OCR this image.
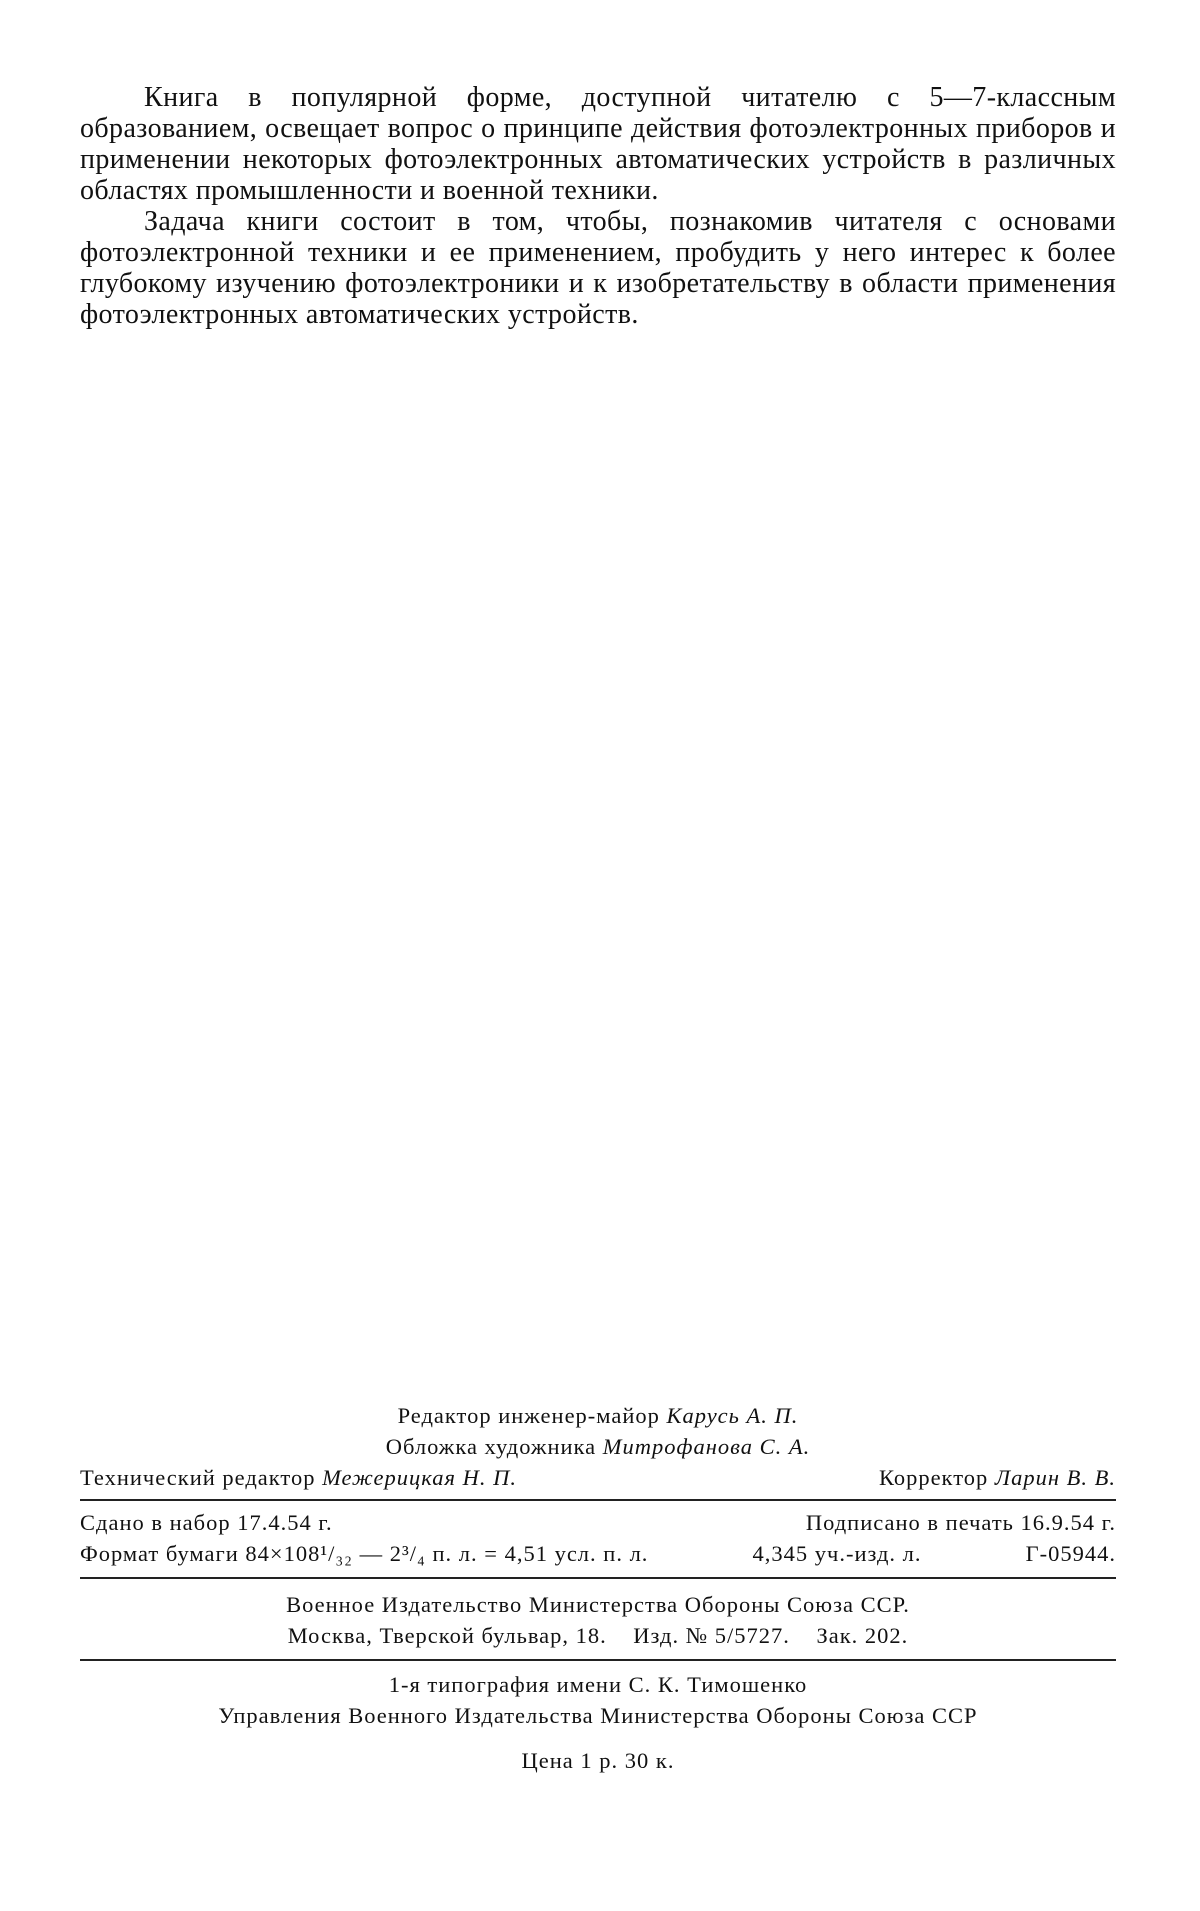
Книга в популярной форме, доступной читателю с 5—7-классным образованием, освещает вопрос о принципе действия фотоэлектронных приборов и применении некоторых фотоэлектронных автоматических устройств в различных областях промышленности и военной техники.

Задача книги состоит в том, чтобы, познакомив читателя с основами фотоэлектронной техники и ее применением, пробудить у него интерес к более глубокому изучению фотоэлектроники и к изобретательству в области применения фотоэлектронных автоматических устройств.

Редактор инженер-майор Карусь А. П.
Обложка художника Митрофанова С. А.
Технический редактор Межерицкая Н. П.	Корректор Ларин В. В.
Сдано в набор 17.4.54 г.	Подписано в печать 16.9.54 г.
Формат бумаги 84×108¹/₃₂ — 2³/₄ п. л. = 4,51 усл. п. л.	4,345 уч.-изд. л.	Г-05944.
Военное Издательство Министерства Обороны Союза ССР.
Москва, Тверской бульвар, 18. Изд. № 5/5727. Зак. 202.
1-я типография имени С. К. Тимошенко
Управления Военного Издательства Министерства Обороны Союза ССР
Цена 1 р. 30 к.
